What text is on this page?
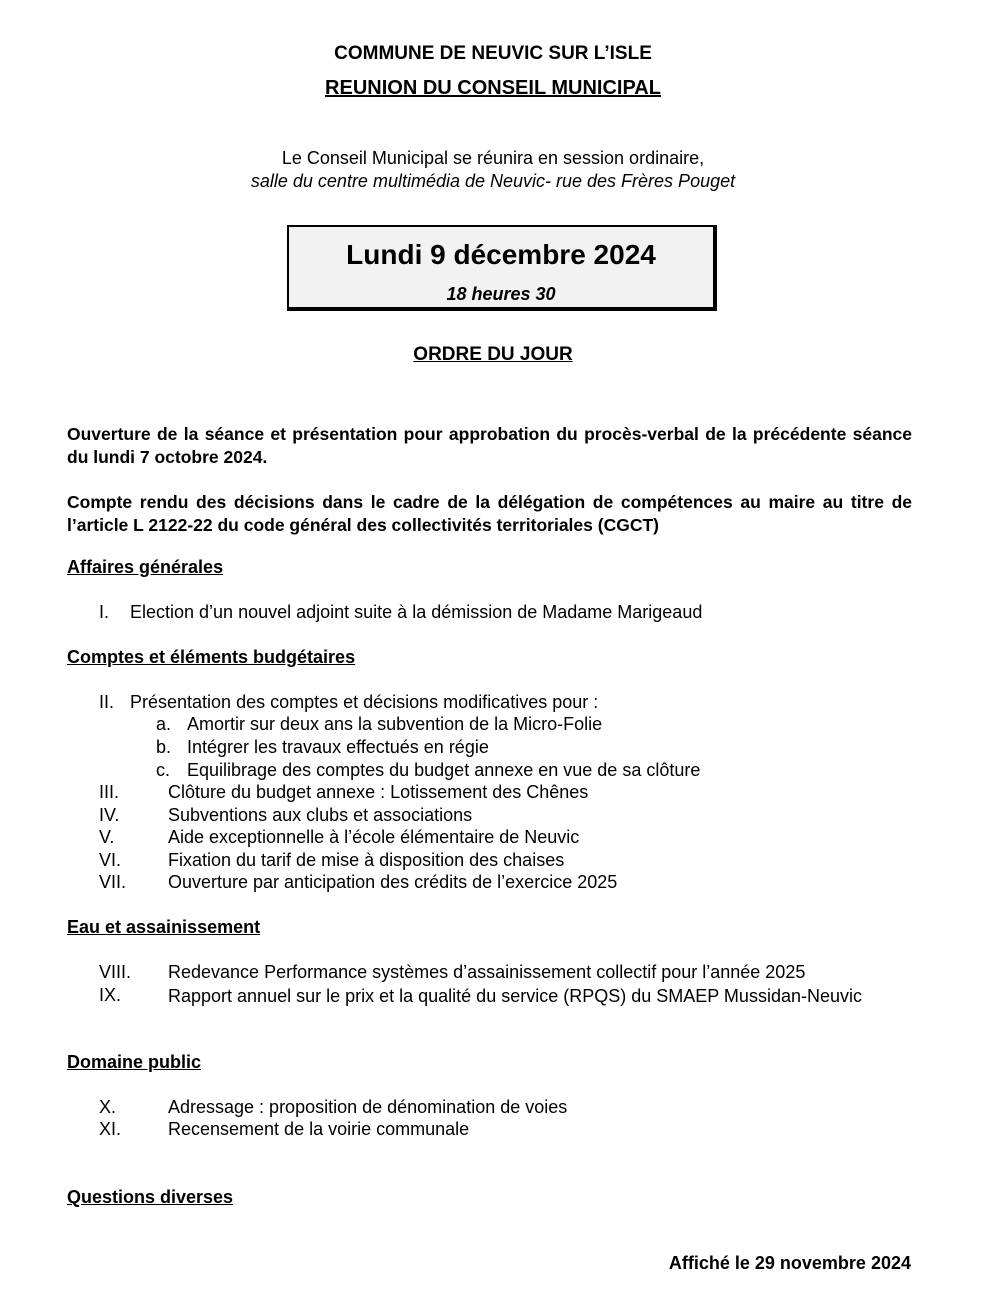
COMMUNE DE NEUVIC SUR L’ISLE
REUNION DU CONSEIL MUNICIPAL
Le Conseil Municipal se réunira en session ordinaire,
salle du centre multimédia de Neuvic- rue des Frères Pouget
Lundi 9 décembre 2024
18 heures 30
ORDRE DU JOUR
Ouverture de la séance et présentation pour approbation du procès-verbal de la précédente séance du lundi 7 octobre 2024.
Compte rendu des décisions dans le cadre de la délégation de compétences au maire au titre de l’article L 2122-22 du code général des collectivités territoriales (CGCT)
Affaires générales
I. Election d’un nouvel adjoint suite à la démission de Madame Marigeaud
Comptes et éléments budgétaires
II. Présentation des comptes et décisions modificatives pour :
a. Amortir sur deux ans la subvention de la Micro-Folie
b. Intégrer les travaux effectués en régie
c. Equilibrage des comptes du budget annexe en vue de sa clôture
III.	Clôture du budget annexe : Lotissement des Chênes
IV.	Subventions aux clubs et associations
V.	Aide exceptionnelle à l’école élémentaire de Neuvic
VI.	Fixation du tarif de mise à disposition des chaises
VII. Ouverture par anticipation des crédits de l’exercice 2025
Eau et assainissement
VIII. Redevance Performance systèmes d’assainissement collectif pour l’année 2025
IX.	Rapport annuel sur le prix et la qualité du service (RPQS) du SMAEP Mussidan-Neuvic
Domaine public
X.	Adressage : proposition de dénomination de voies
XI.	Recensement de la voirie communale
Questions diverses
Affiché le 29 novembre 2024
